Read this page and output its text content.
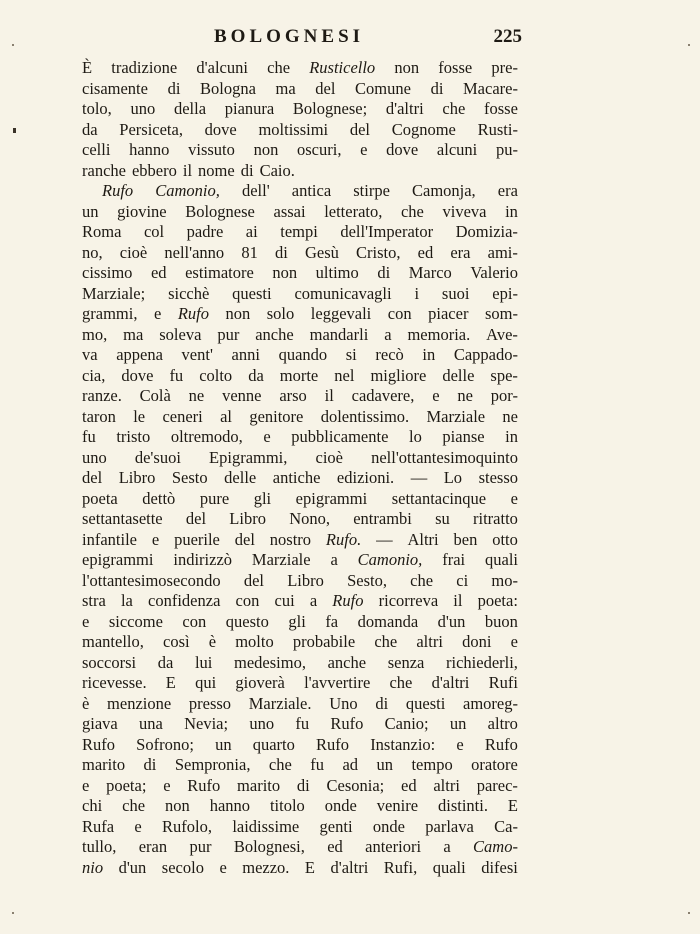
BOLOGNESI	225
È tradizione d'alcuni che Rusticello non fosse pre-
cisamente di Bologna ma del Comune di Macare-
tolo, uno della pianura Bolognese; d'altri che fosse
da Persiceta, dove moltissimi del Cognome Rusti-
celli hanno vissuto non oscuri, e dove alcuni pu-
ranche ebbero il nome di Caio.
Rufo Camonio, dell' antica stirpe Camonja, era
un giovine Bolognese assai letterato, che viveva in
Roma col padre ai tempi dell'Imperator Domizia-
no, cioè nell'anno 81 di Gesù Cristo, ed era ami-
cissimo ed estimatore non ultimo di Marco Valerio
Marziale; sicchè questi comunicavagli i suoi epi-
grammi, e Rufo non solo leggevali con piacer som-
mo, ma soleva pur anche mandarli a memoria. Ave-
va appena vent' anni quando si recò in Cappado-
cia, dove fu colto da morte nel migliore delle spe-
ranze. Colà ne venne arso il cadavere, e ne por-
taron le ceneri al genitore dolentissimo. Marziale ne
fu tristo oltremodo, e pubblicamente lo pianse in
uno de'suoi Epigrammi, cioè nell'ottantesimoquinto
del Libro Sesto delle antiche edizioni. — Lo stesso
poeta dettò pure gli epigrammi settantacinque e
settantasette del Libro Nono, entrambi su ritratto
infantile e puerile del nostro Rufo. — Altri ben otto
epigrammi indirizzò Marziale a Camonio, frai quali
l'ottantesimosecondo del Libro Sesto, che ci mo-
stra la confidenza con cui a Rufo ricorreva il poeta:
e siccome con questo gli fa domanda d'un buon
mantello, così è molto probabile che altri doni e
soccorsi da lui medesimo, anche senza richiederli,
ricevesse. E qui gioverà l'avvertire che d'altri Rufi
è menzione presso Marziale. Uno di questi amoreg-
giava una Nevia; uno fu Rufo Canio; un altro
Rufo Sofrono; un quarto Rufo Instanzio: e Rufo
marito di Sempronia, che fu ad un tempo oratore
e poeta; e Rufo marito di Cesonia; ed altri parec-
chi che non hanno titolo onde venire distinti. E
Rufa e Rufolo, laidissime genti onde parlava Ca-
tullo, eran pur Bolognesi, ed anteriori a Camo-
nio d'un secolo e mezzo. E d'altri Rufi, quali difesi
